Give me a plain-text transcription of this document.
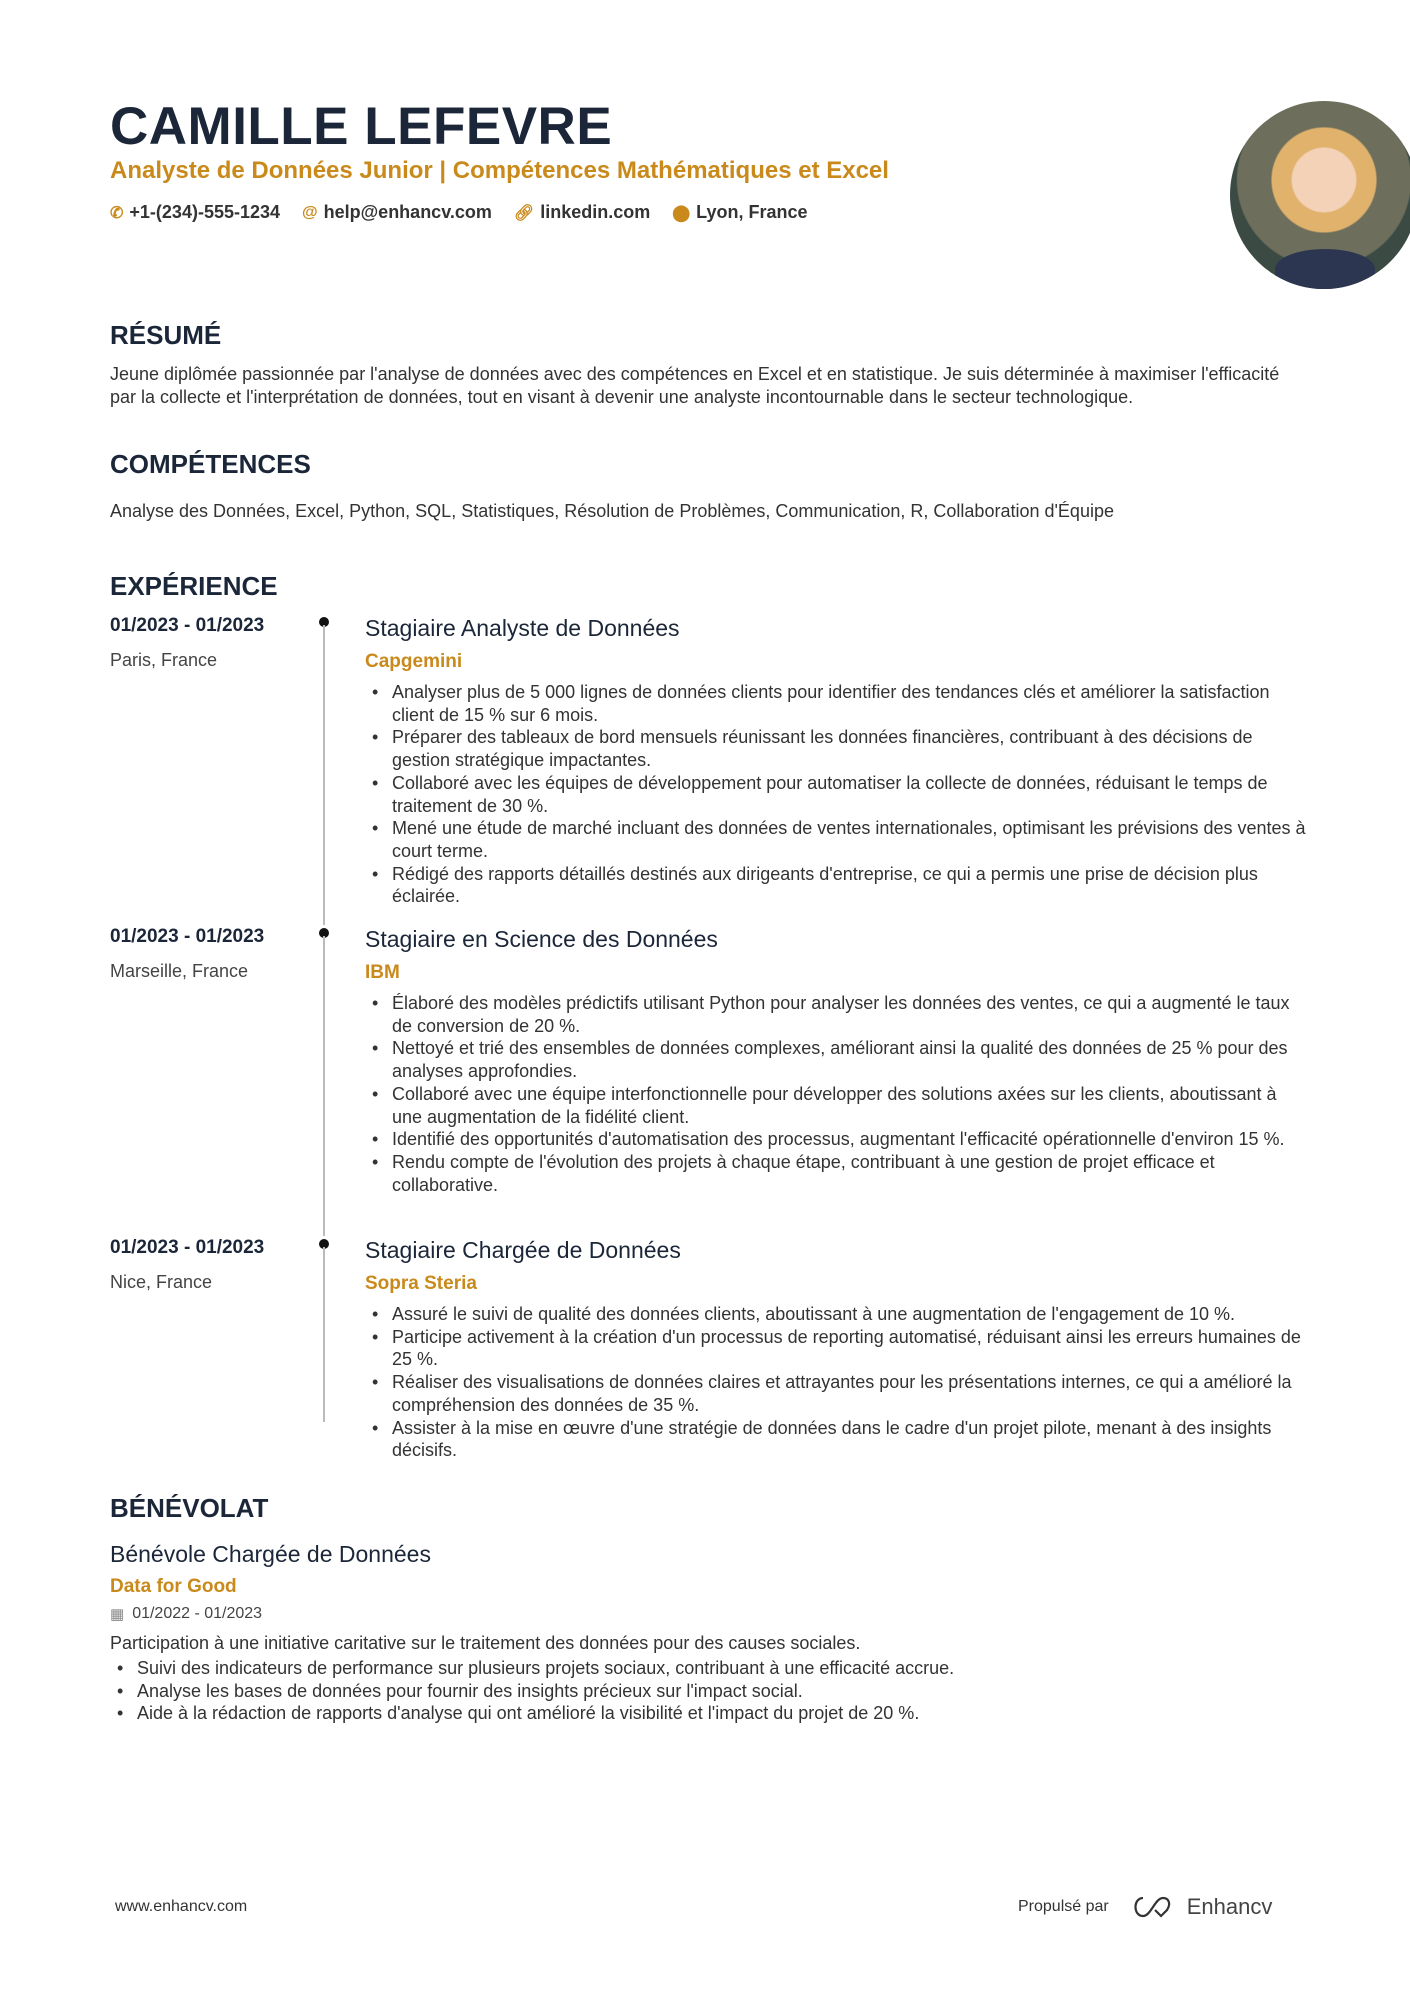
CAMILLE LEFEVRE
Analyste de Données Junior | Compétences Mathématiques et Excel
✆ +1-(234)-555-1234 @ help@enhancv.com 🔗︎ linkedin.com ⬤ Lyon, France
RÉSUMÉ
Jeune diplômée passionnée par l'analyse de données avec des compétences en Excel et en statistique. Je suis déterminée à maximiser l'efficacité par la collecte et l'interprétation de données, tout en visant à devenir une analyste incontournable dans le secteur technologique.
COMPÉTENCES
Analyse des Données, Excel, Python, SQL, Statistiques, Résolution de Problèmes, Communication, R, Collaboration d'Équipe
EXPÉRIENCE
01/2023 - 01/2023
Paris, France
Stagiaire Analyste de Données
Capgemini
• Analyser plus de 5 000 lignes de données clients pour identifier des tendances clés et améliorer la satisfaction client de 15 % sur 6 mois.
• Préparer des tableaux de bord mensuels réunissant les données financières, contribuant à des décisions de gestion stratégique impactantes.
• Collaboré avec les équipes de développement pour automatiser la collecte de données, réduisant le temps de traitement de 30 %.
• Mené une étude de marché incluant des données de ventes internationales, optimisant les prévisions des ventes à court terme.
• Rédigé des rapports détaillés destinés aux dirigeants d'entreprise, ce qui a permis une prise de décision plus éclairée.
01/2023 - 01/2023
Marseille, France
Stagiaire en Science des Données
IBM
• Élaboré des modèles prédictifs utilisant Python pour analyser les données des ventes, ce qui a augmenté le taux de conversion de 20 %.
• Nettoyé et trié des ensembles de données complexes, améliorant ainsi la qualité des données de 25 % pour des analyses approfondies.
• Collaboré avec une équipe interfonctionnelle pour développer des solutions axées sur les clients, aboutissant à une augmentation de la fidélité client.
• Identifié des opportunités d'automatisation des processus, augmentant l'efficacité opérationnelle d'environ 15 %.
• Rendu compte de l'évolution des projets à chaque étape, contribuant à une gestion de projet efficace et collaborative.
01/2023 - 01/2023
Nice, France
Stagiaire Chargée de Données
Sopra Steria
• Assuré le suivi de qualité des données clients, aboutissant à une augmentation de l'engagement de 10 %.
• Participe activement à la création d'un processus de reporting automatisé, réduisant ainsi les erreurs humaines de 25 %.
• Réaliser des visualisations de données claires et attrayantes pour les présentations internes, ce qui a amélioré la compréhension des données de 35 %.
• Assister à la mise en œuvre d'une stratégie de données dans le cadre d'un projet pilote, menant à des insights décisifs.
BÉNÉVOLAT
Bénévole Chargée de Données
Data for Good
▦ 01/2022 - 01/2023
Participation à une initiative caritative sur le traitement des données pour des causes sociales.
• Suivi des indicateurs de performance sur plusieurs projets sociaux, contribuant à une efficacité accrue.
• Analyse les bases de données pour fournir des insights précieux sur l'impact social.
• Aide à la rédaction de rapports d'analyse qui ont amélioré la visibilité et l'impact du projet de 20 %.
www.enhancv.com	Propulsé par	Enhancv
